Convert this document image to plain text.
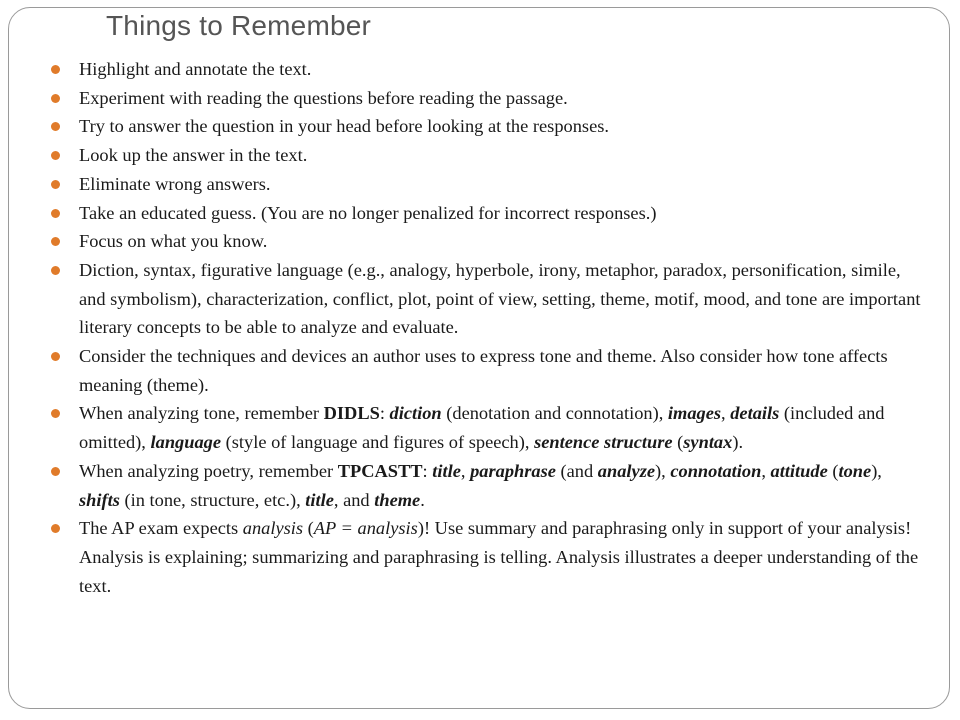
Things to Remember
Highlight and annotate the text.
Experiment with reading the questions before reading the passage.
Try to answer the question in your head before looking at the responses.
Look up the answer in the text.
Eliminate wrong answers.
Take an educated guess. (You are no longer penalized for incorrect responses.)
Focus on what you know.
Diction, syntax, figurative language (e.g., analogy, hyperbole, irony, metaphor, paradox, personification, simile, and symbolism), characterization, conflict, plot, point of view, setting, theme, motif, mood, and tone are important literary concepts to be able to analyze and evaluate.
Consider the techniques and devices an author uses to express tone and theme. Also consider how tone affects meaning (theme).
When analyzing tone, remember DIDLS: diction (denotation and connotation), images, details (included and omitted), language (style of language and figures of speech), sentence structure (syntax).
When analyzing poetry, remember TPCASTT: title, paraphrase (and analyze), connotation, attitude (tone), shifts (in tone, structure, etc.), title, and theme.
The AP exam expects analysis (AP = analysis)! Use summary and paraphrasing only in support of your analysis! Analysis is explaining; summarizing and paraphrasing is telling. Analysis illustrates a deeper understanding of the text.
